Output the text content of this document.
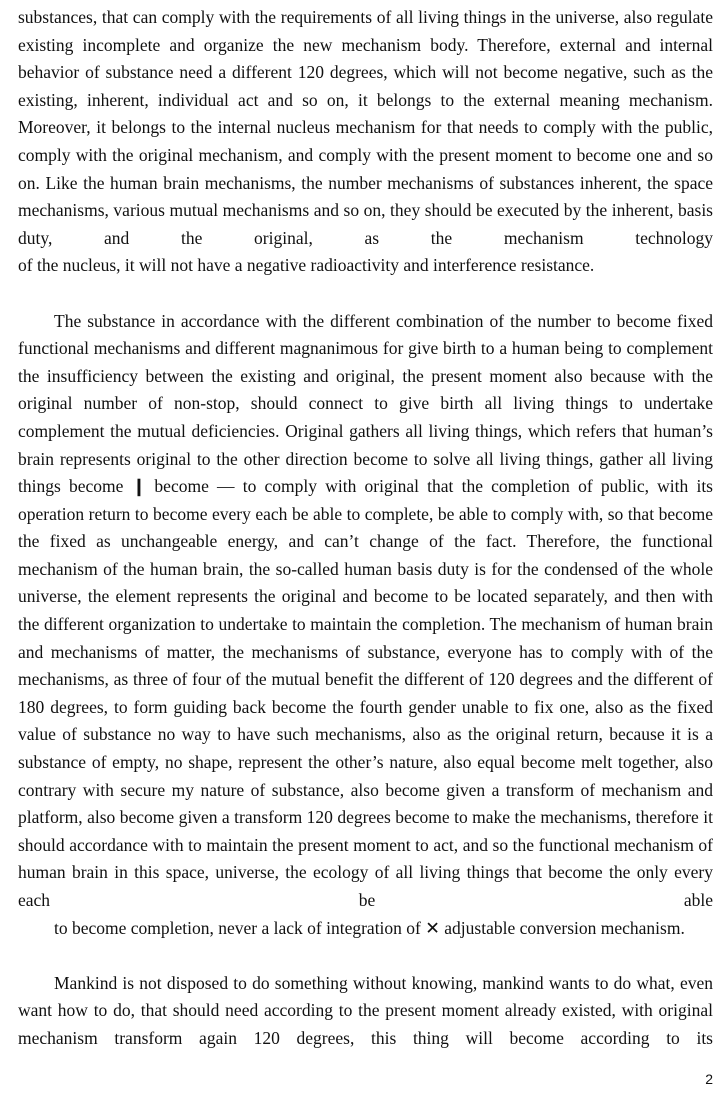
substances, that can comply with the requirements of all living things in the universe, also regulate existing incomplete and organize the new mechanism body. Therefore, external and internal behavior of substance need a different 120 degrees, which will not become negative, such as the existing, inherent, individual act and so on, it belongs to the external meaning mechanism. Moreover, it belongs to the internal nucleus mechanism for that needs to comply with the public, comply with the original mechanism, and comply with the present moment to become one and so on. Like the human brain mechanisms, the number mechanisms of substances inherent, the space mechanisms, various mutual mechanisms and so on, they should be executed by the inherent, basis duty, and the original, as the mechanism technology
of the nucleus, it will not have a negative radioactivity and interference resistance.

The substance in accordance with the different combination of the number to become fixed functional mechanisms and different magnanimous for give birth to a human being to complement the insufficiency between the existing and original, the present moment also because with the original number of non-stop, should connect to give birth all living things to undertake complement the mutual deficiencies. Original gathers all living things, which refers that human’s brain represents original to the other direction become to solve all living things, gather all living things become ❙ become — to comply with original that the completion of public, with its operation return to become every each be able to complete, be able to comply with, so that become the fixed as unchangeable energy, and can’t change of the fact. Therefore, the functional mechanism of the human brain, the so-called human basis duty is for the condensed of the whole universe, the element represents the original and become to be located separately, and then with the different organization to undertake to maintain the completion. The mechanism of human brain and mechanisms of matter, the mechanisms of substance, everyone has to comply with of the mechanisms, as three of four of the mutual benefit the different of 120 degrees and the different of 180 degrees, to form guiding back become the fourth gender unable to fix one, also as the fixed value of substance no way to have such mechanisms, also as the original return, because it is a substance of empty, no shape, represent the other’s nature, also equal become melt together, also contrary with secure my nature of substance, also become given a transform of mechanism and platform, also become given a transform 120 degrees become to make the mechanisms, therefore it should accordance with to maintain the present moment to act, and so the functional mechanism of human brain in this space, universe, the ecology of all living things that become the only every each be able
to become completion, never a lack of integration of ✕ adjustable conversion mechanism.

Mankind is not disposed to do something without knowing, mankind wants to do what, even want how to do, that should need according to the present moment already existed, with original mechanism transform again 120 degrees, this thing will become according to its

2
